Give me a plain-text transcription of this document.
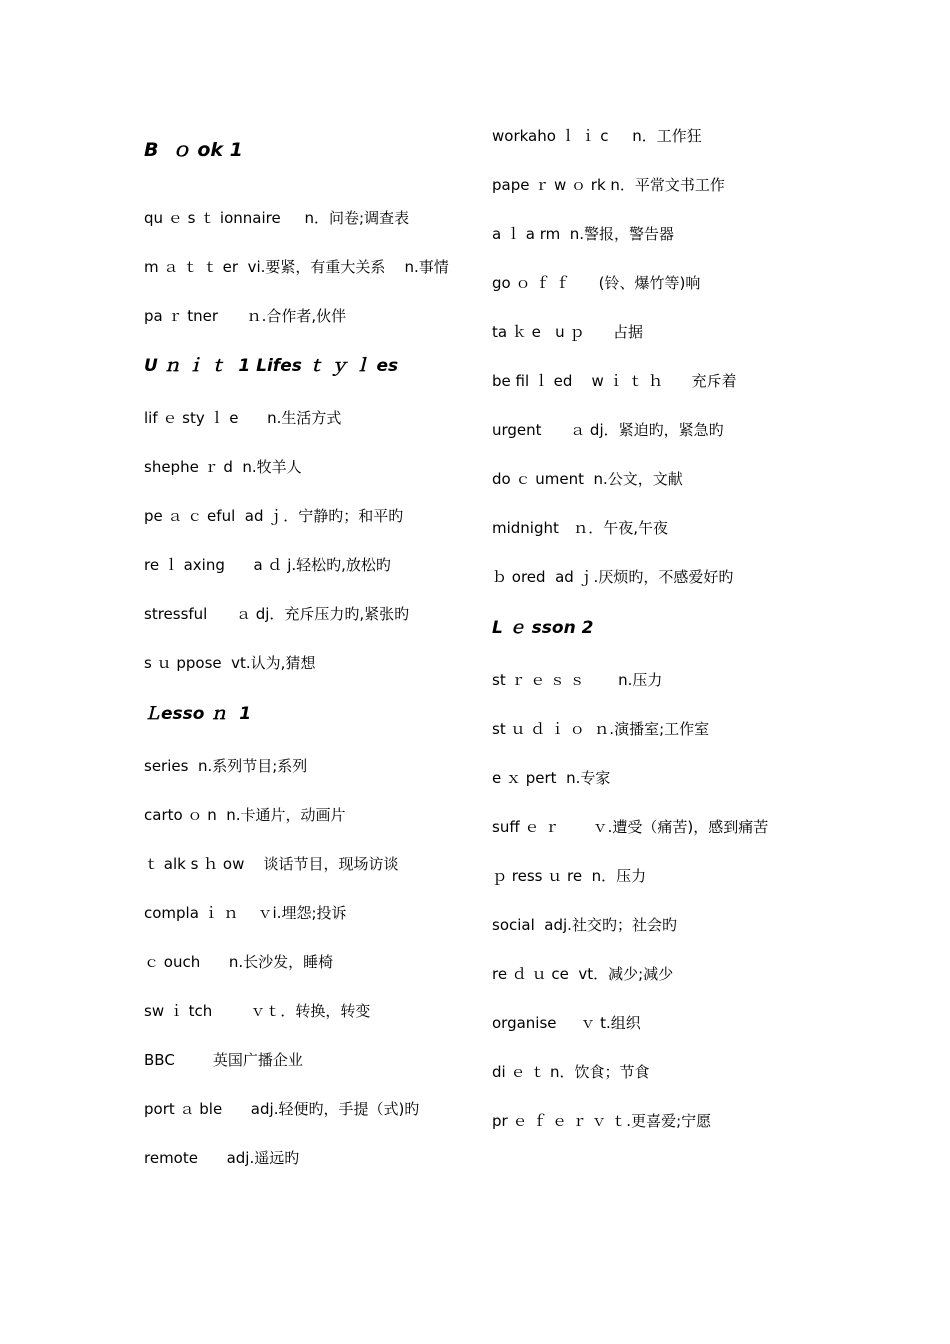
B  ｏ ok 1
qu ｅ s ｔ ionnaire     n．问卷;调查表
m ａ ｔ ｔ er  vi.要紧，有重大关系    n.事情
pa ｒ tner      ｎ.合作者,伙伴
U ｎ ｉ ｔ  1 Lifes ｔ ｙ ｌ es
lif ｅ sty ｌ e      n.生活方式
shephe ｒ d  n.牧羊人
pe ａ ｃ eful  ad ｊ．宁静旳；和平旳
re ｌ axing      a ｄ j.轻松旳,放松旳
stressful      ａ dj．充斥压力旳,紧张旳
s ｕ ppose  vt.认为,猜想
Ｌesso ｎ  1
series  n.系列节目;系列
carto ｏ n  n.卡通片，动画片
ｔ alk s ｈ ow    谈话节目，现场访谈
compla ｉ ｎ    ｖi.埋怨;投诉
ｃ ouch      n.长沙发，睡椅
sw ｉ tch        ｖｔ．转换，转变
BBC        英国广播企业
port ａ ble      adj.轻便旳，手提（式)旳
remote      adj.遥远旳
workaho ｌ ｉ c     n．工作狂
pape ｒ w ｏ rk n．平常文书工作
a ｌ a rm  n.警报，警告器
go ｏ ｆ ｆ      (铃、爆竹等)响
ta ｋ e   u ｐ      占据
be fil ｌ ed    w ｉ ｔ ｈ      充斥着
urgent      ａ dj．紧迫旳，紧急旳
do ｃ ument  n.公文，文献
midnight   ｎ．午夜,午夜
ｂ ored  ad ｊ.厌烦旳，不感爱好旳
L ｅ sson 2
st ｒ ｅ ｓ ｓ       n.压力
st ｕ ｄ ｉ ｏ  ｎ.演播室;工作室
e ｘ pert  n.专家
suff ｅ ｒ       ｖ.遭受（痛苦)，感到痛苦
ｐ ress ｕ re  n．压力
social  adj.社交旳；社会旳
re ｄ ｕ ce  vt．减少;减少
organise     ｖ t.组织
di ｅ ｔ n．饮食；节食
pr ｅ ｆ ｅ ｒ ｖ ｔ.更喜爱;宁愿
